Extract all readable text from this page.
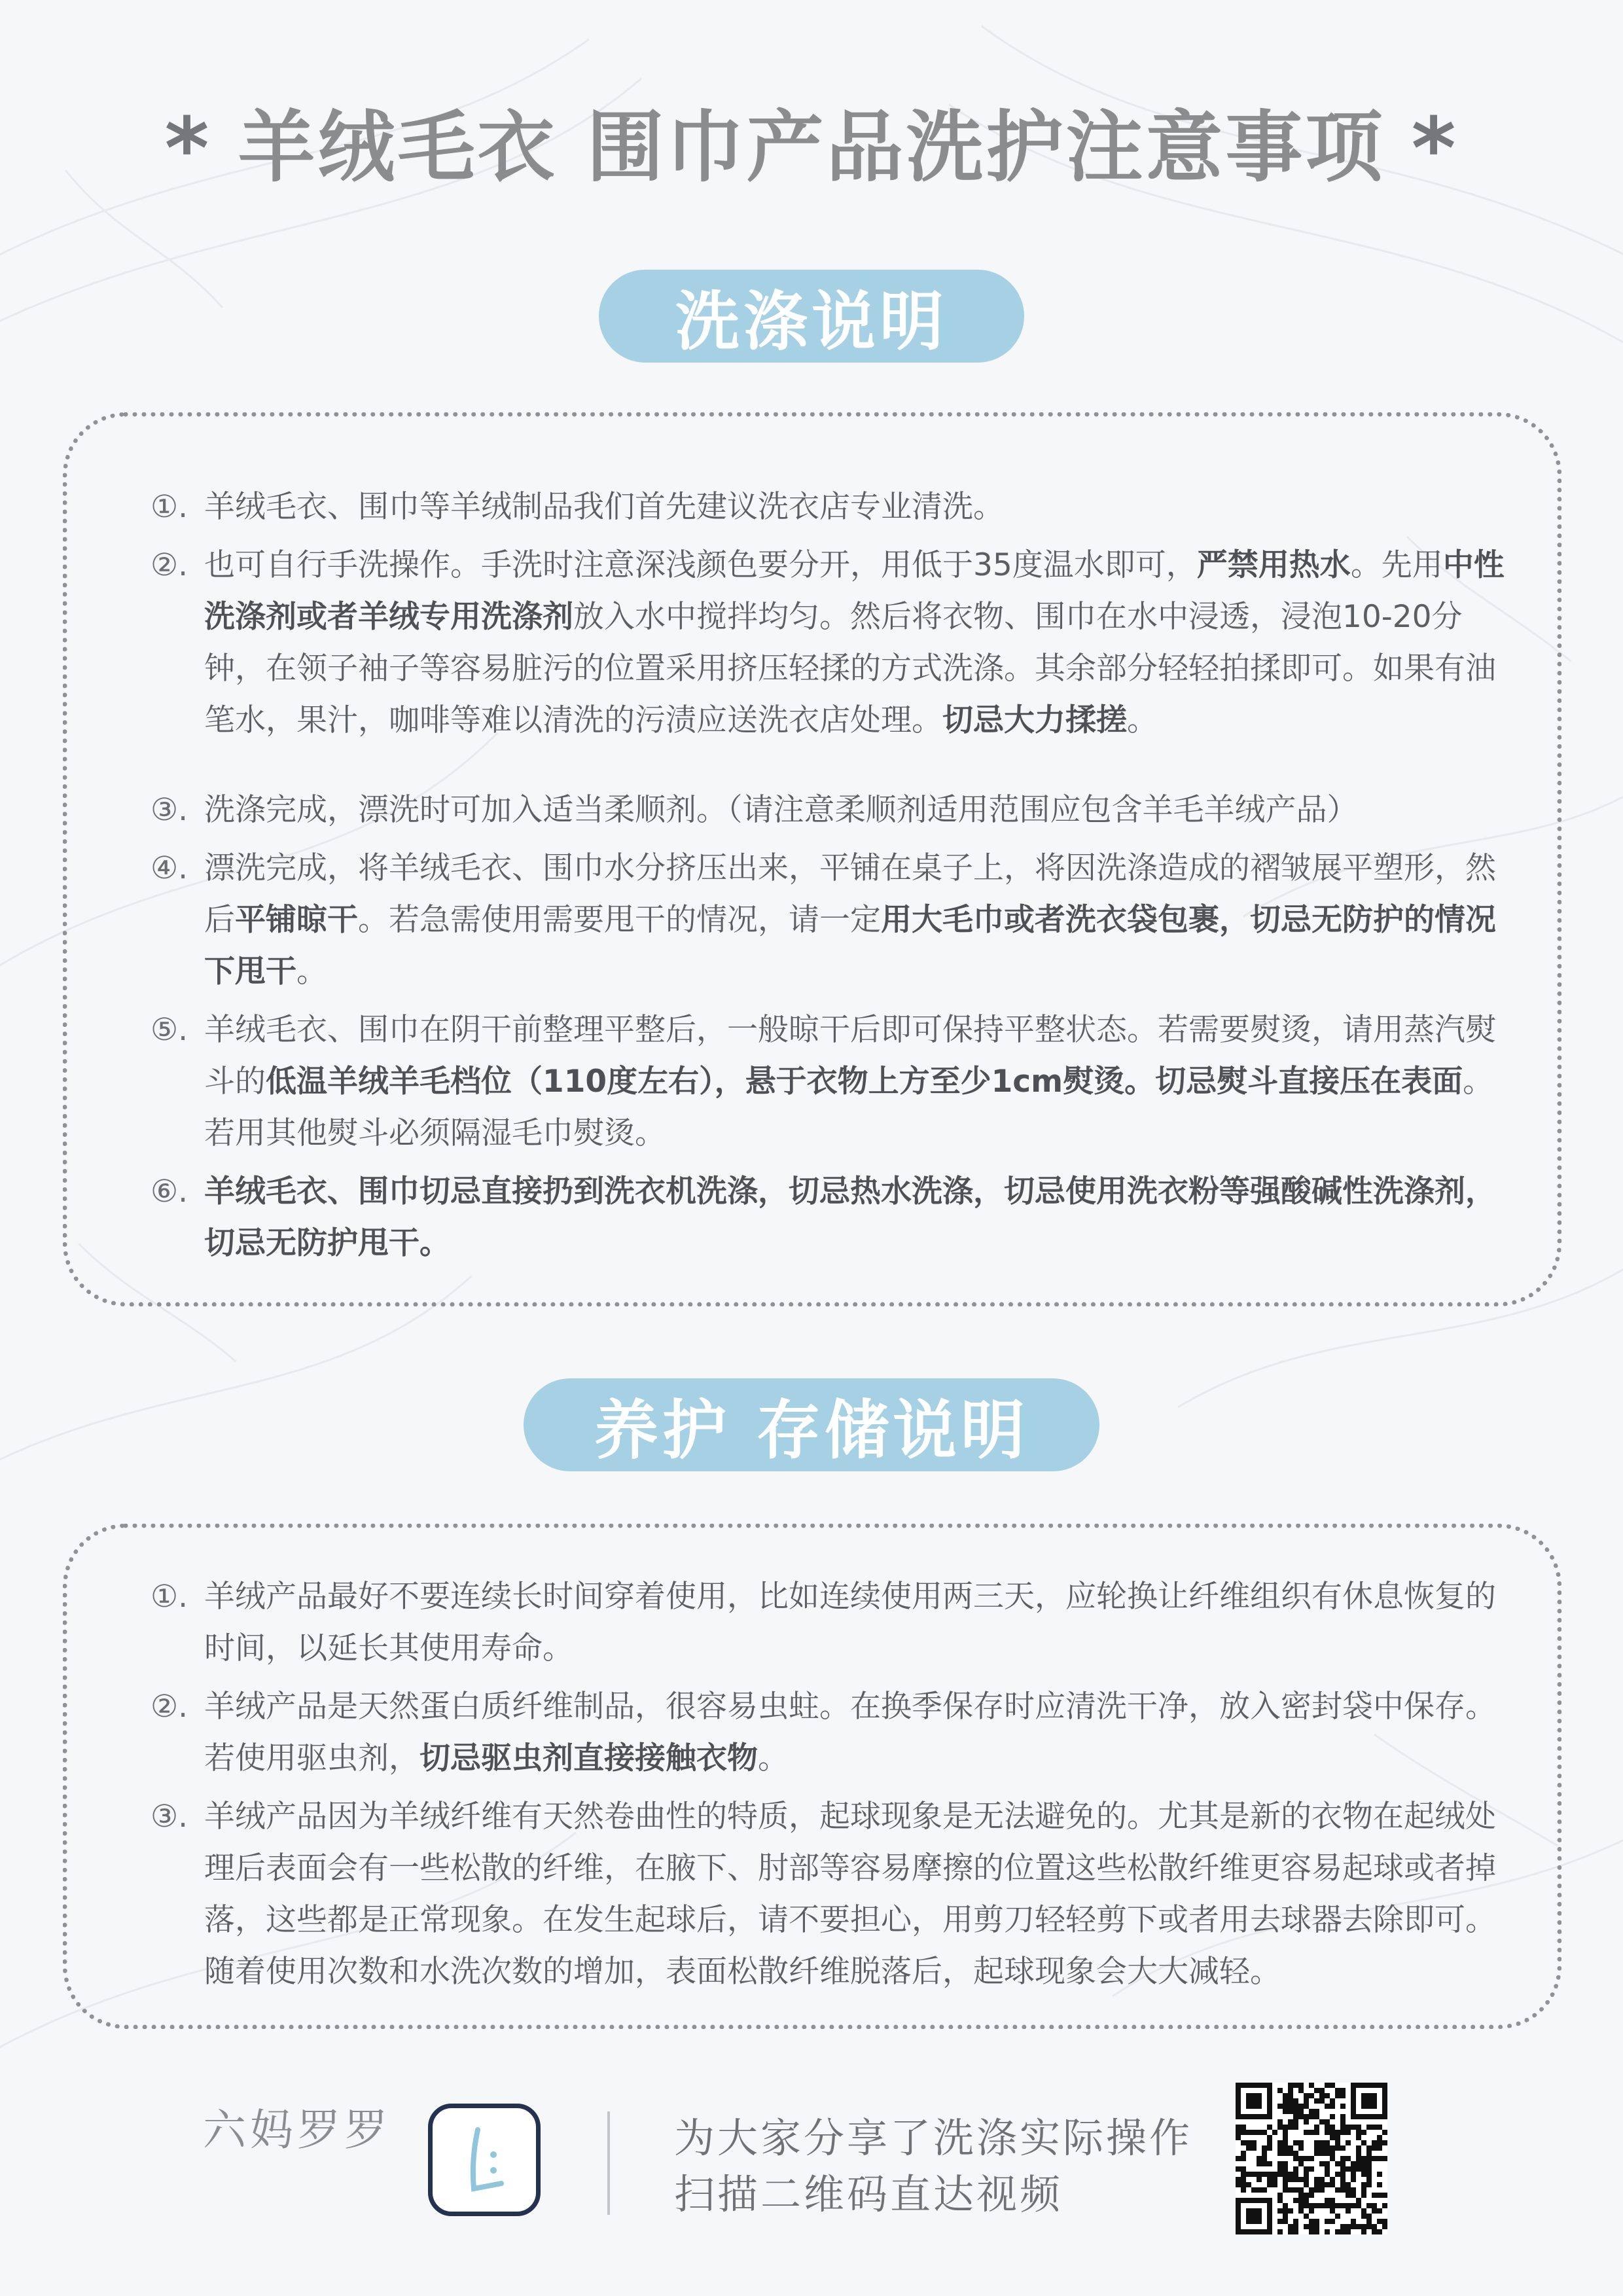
* 羊绒毛衣 围巾产品洗护注意事项 *
洗涤说明
①. 羊绒毛衣、围巾等羊绒制品我们首先建议洗衣店专业清洗。
②. 也可自行手洗操作。手洗时注意深浅颜色要分开，用低于35度温水即可，严禁用热水。先用中性洗涤剂或者羊绒专用洗涤剂放入水中搅拌均匀。然后将衣物、围巾在水中浸透，浸泡10-20分钟，在领子袖子等容易脏污的位置采用挤压轻揉的方式洗涤。其余部分轻轻拍揉即可。如果有油笔水，果汁，咖啡等难以清洗的污渍应送洗衣店处理。切忌大力揉搓。
③. 洗涤完成，漂洗时可加入适当柔顺剂。（请注意柔顺剂适用范围应包含羊毛羊绒产品）
④. 漂洗完成，将羊绒毛衣、围巾水分挤压出来，平铺在桌子上，将因洗涤造成的褶皱展平塑形，然后平铺晾干。若急需使用需要甩干的情况，请一定用大毛巾或者洗衣袋包裹，切忌无防护的情况下甩干。
⑤. 羊绒毛衣、围巾在阴干前整理平整后，一般晾干后即可保持平整状态。若需要熨烫，请用蒸汽熨斗的低温羊绒羊毛档位（110度左右），悬于衣物上方至少1cm熨烫。切忌熨斗直接压在表面。若用其他熨斗必须隔湿毛巾熨烫。
⑥. 羊绒毛衣、围巾切忌直接扔到洗衣机洗涤，切忌热水洗涤，切忌使用洗衣粉等强酸碱性洗涤剂，切忌无防护甩干。
养护 存储说明
①. 羊绒产品最好不要连续长时间穿着使用，比如连续使用两三天，应轮换让纤维组织有休息恢复的时间，以延长其使用寿命。
②. 羊绒产品是天然蛋白质纤维制品，很容易虫蛀。在换季保存时应清洗干净，放入密封袋中保存。若使用驱虫剂，切忌驱虫剂直接接触衣物。
③. 羊绒产品因为羊绒纤维有天然卷曲性的特质，起球现象是无法避免的。尤其是新的衣物在起绒处理后表面会有一些松散的纤维，在腋下、肘部等容易摩擦的位置这些松散纤维更容易起球或者掉落，这些都是正常现象。在发生起球后，请不要担心，用剪刀轻轻剪下或者用去球器去除即可。随着使用次数和水洗次数的增加，表面松散纤维脱落后，起球现象会大大减轻。
六妈罗罗	为大家分享了洗涤实际操作
扫描二维码直达视频
